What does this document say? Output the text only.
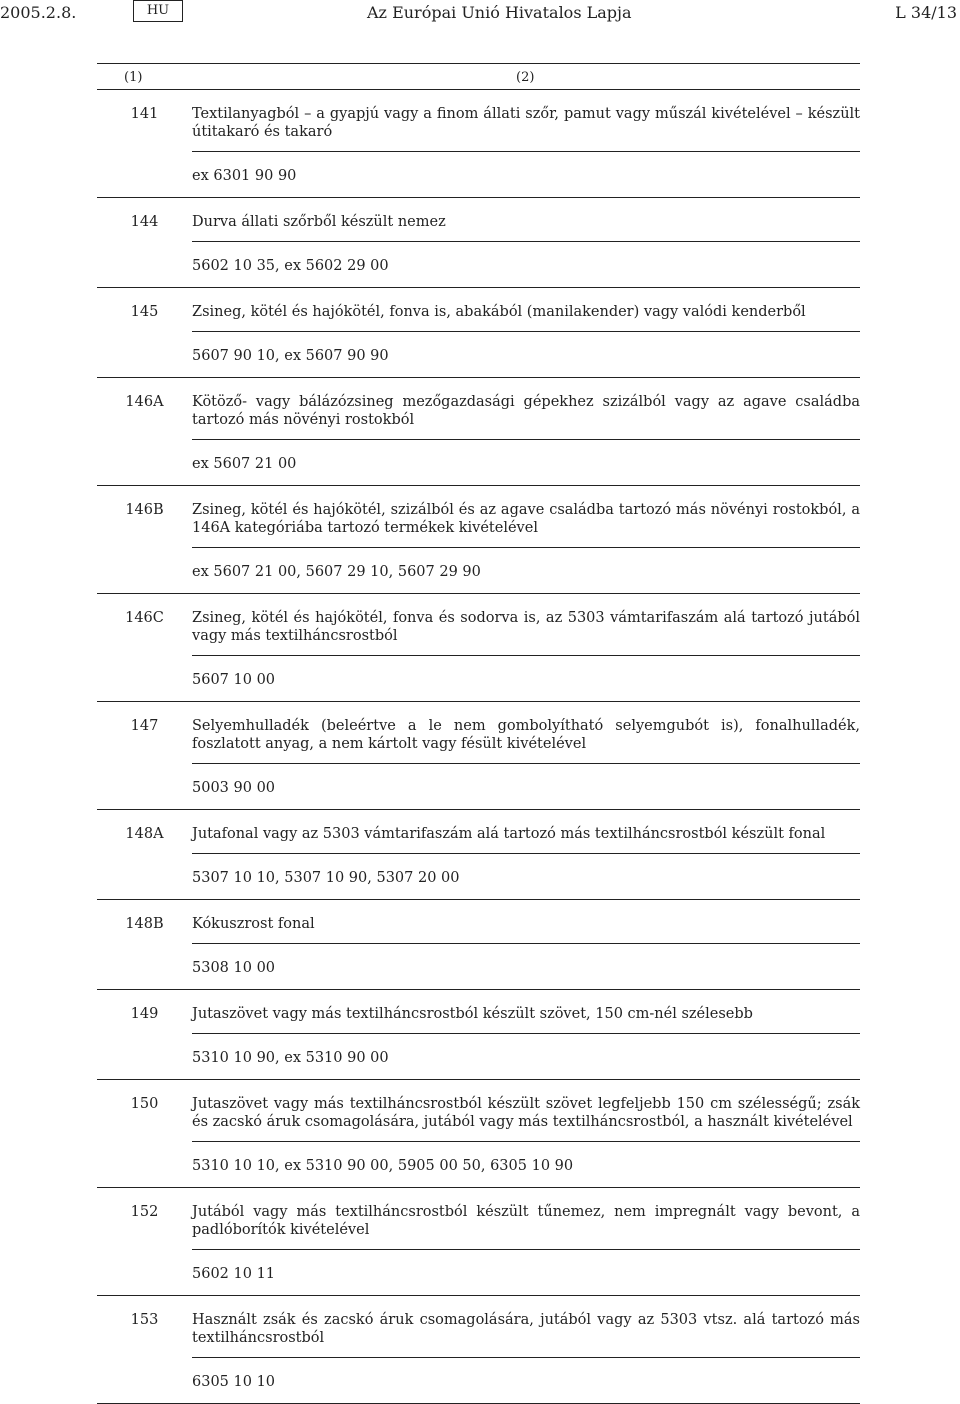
2005.2.8.	HU	Az Európai Unió Hivatalos Lapja	L 34/13
(1)	(2)
141	Textilanyagból – a gyapjú vagy a finom állati szőr, pamut vagy műszál kivételével – készült útitakaró és takaró
ex 6301 90 90
144	Durva állati szőrből készült nemez
5602 10 35, ex 5602 29 00
145	Zsineg, kötél és hajókötél, fonva is, abakából (manilakender) vagy valódi kenderből
5607 90 10, ex 5607 90 90
146A	Kötöző- vagy bálázózsineg mezőgazdasági gépekhez szizálból vagy az agave családba tartozó más növényi rostokból
ex 5607 21 00
146B	Zsineg, kötél és hajókötél, szizálból és az agave családba tartozó más növényi rostokból, a 146A kategóriába tartozó termékek kivételével
ex 5607 21 00, 5607 29 10, 5607 29 90
146C	Zsineg, kötél és hajókötél, fonva és sodorva is, az 5303 vámtarifaszám alá tartozó jutából vagy más textilháncsrostból
5607 10 00
147	Selyemhulladék (beleértve a le nem gombolyítható selyemgubót is), fonalhulladék, foszlatott anyag, a nem kártolt vagy fésült kivételével
5003 90 00
148A	Jutafonal vagy az 5303 vámtarifaszám alá tartozó más textilháncsrostból készült fonal
5307 10 10, 5307 10 90, 5307 20 00
148B	Kókuszrost fonal
5308 10 00
149	Jutaszövet vagy más textilháncsrostból készült szövet, 150 cm-nél szélesebb
5310 10 90, ex 5310 90 00
150	Jutaszövet vagy más textilháncsrostból készült szövet legfeljebb 150 cm szélességű; zsák és zacskó áruk csomagolására, jutából vagy más textilháncsrostból, a használt kivételével
5310 10 10, ex 5310 90 00, 5905 00 50, 6305 10 90
152	Jutából vagy más textilháncsrostból készült tűnemez, nem impregnált vagy bevont, a padlóborítók kivételével
5602 10 11
153	Használt zsák és zacskó áruk csomagolására, jutából vagy az 5303 vtsz. alá tartozó más textilháncsrostból
6305 10 10
